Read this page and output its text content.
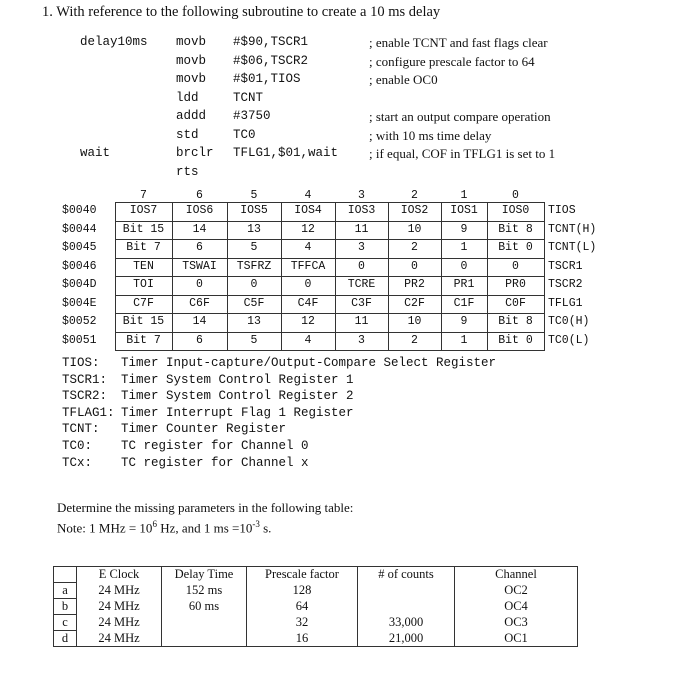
1. With reference to the following subroutine to create a 10 ms delay
delay10ms movb #$90,TSCR1	; enable TCNT and fast flags clear
movb #$06,TSCR2	; configure prescale factor to 64
movb #$01,TIOS	; enable OC0
ldd	TCNT
addd #3750	; start an output compare operation
std	TC0	; with 10 ms time delay
wait	brclr TFLG1,$01,wait ; if equal, COF in TFLG1 is set to 1
rts
7	6	5	4	3	2	1	0
$0040	IOS7	IOS6	IOS5	IOS4	IOS3	IOS2	IOS1	IOS0	TIOS
$0044	Bit 15	14	13	12	11	10	9	Bit 8	TCNT(H)
$0045	Bit 7	6	5	4	3	2	1	Bit 0	TCNT(L)
$0046	TEN	TSWAI	TSFRZ	TFFCA	0	0	0	0	TSCR1
$004D	TOI	0	0	0	TCRE	PR2	PR1	PR0	TSCR2
$004E	C7F	C6F	C5F	C4F	C3F	C2F	C1F	C0F	TFLG1
$0052	Bit 15	14	13	12	11	10	9	Bit 8	TC0(H)
$0051	Bit 7	6	5	4	3	2	1	Bit 0	TC0(L)
TIOS: Timer Input-capture/Output-Compare Select Register
TSCR1: Timer System Control Register 1
TSCR2: Timer System Control Register 2
TFLAG1: Timer Interrupt Flag 1 Register
TCNT: Timer Counter Register
TC0: TC register for Channel 0
TCx: TC register for Channel x
Determine the missing parameters in the following table:
Note: 1 MHz = $10^6$ Hz, and 1 ms $=10^{-3}$ s.
	E Clock	Delay Time	Prescale factor	# of counts	Channel
a	24 MHz	152 ms	128		OC2
b	24 MHz	60 ms	64		OC4
c	24 MHz		32	33,000	OC3
d	24 MHz		16	21,000	OC1
